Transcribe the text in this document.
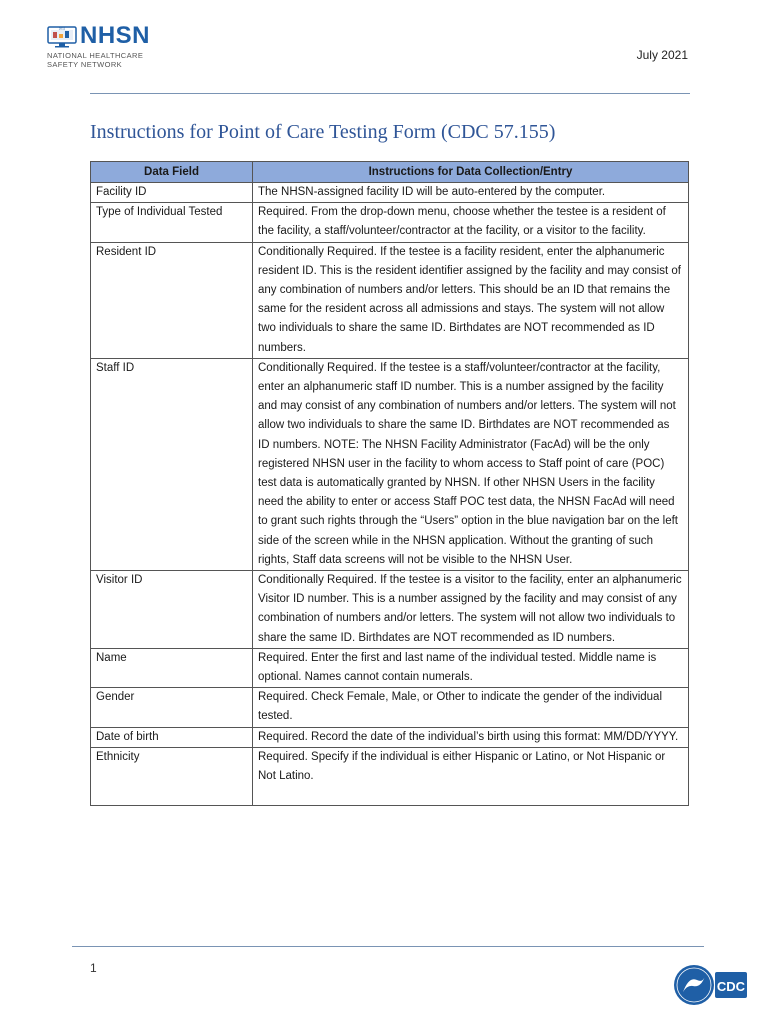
2011 NHSN
NATIONAL HEALTHCARE
SAFETY NETWORK
July 2021
Instructions for Point of Care Testing Form (CDC 57.155)
Data Field	Instructions for Data Collection/Entry
Facility ID	The NHSN-assigned facility ID will be auto-entered by the computer.
Type of Individual Tested	Required. From the drop-down menu, choose whether the testee is a resident of the facility, a staff/volunteer/contractor at the facility, or a visitor to the facility.
Resident ID	Conditionally Required. If the testee is a facility resident, enter the alphanumeric resident ID. This is the resident identifier assigned by the facility and may consist of any combination of numbers and/or letters. This should be an ID that remains the same for the resident across all admissions and stays. The system will not allow two individuals to share the same ID. Birthdates are NOT recommended as ID numbers.
Staff ID	Conditionally Required. If the testee is a staff/volunteer/contractor at the facility, enter an alphanumeric staff ID number. This is a number assigned by the facility and may consist of any combination of numbers and/or letters. The system will not allow two individuals to share the same ID. Birthdates are NOT recommended as ID numbers. NOTE: The NHSN Facility Administrator (FacAd) will be the only registered NHSN user in the facility to whom access to Staff point of care (POC) test data is automatically granted by NHSN. If other NHSN Users in the facility need the ability to enter or access Staff POC test data, the NHSN FacAd will need to grant such rights through the “Users” option in the blue navigation bar on the left side of the screen while in the NHSN application. Without the granting of such rights, Staff data screens will not be visible to the NHSN User.
Visitor ID	Conditionally Required. If the testee is a visitor to the facility, enter an alphanumeric Visitor ID number. This is a number assigned by the facility and may consist of any combination of numbers and/or letters. The system will not allow two individuals to share the same ID. Birthdates are NOT recommended as ID numbers.
Name	Required. Enter the first and last name of the individual tested. Middle name is optional. Names cannot contain numerals.
Gender	Required. Check Female, Male, or Other to indicate the gender of the individual tested.
Date of birth	Required. Record the date of the individual’s birth using this format: MM/DD/YYYY.
Ethnicity	Required. Specify if the individual is either Hispanic or Latino, or Not Hispanic or Not Latino.
1
CDC
